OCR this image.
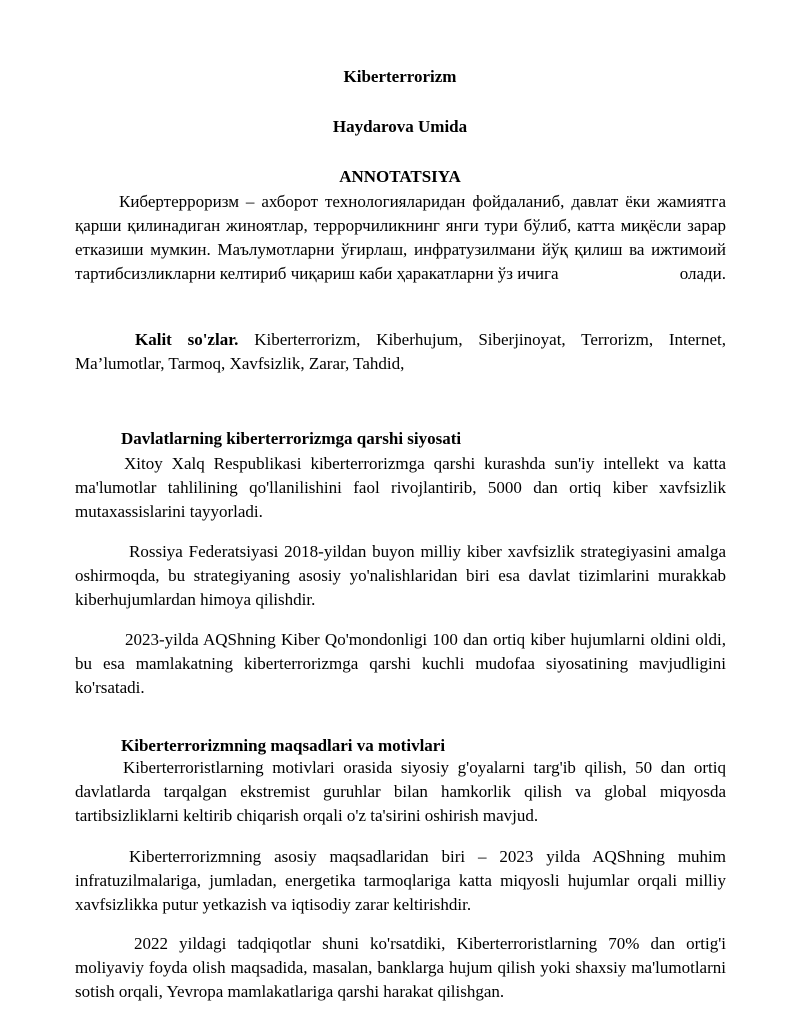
Kiberterrorizm
Haydarova Umida
ANNOTATSIYA

Кибертерроризм – ахборот технологияларидан фойдаланиб, давлат ёки жамиятга қарши қилинадиган жиноятлар, террорчиликнинг янги тури бўлиб, катта миқёсли зарар етказиши мумкин. Маълумотларни ўғирлаш, инфратузилмани йўқ қилиш ва ижтимоий тартибсизликларни келтириб чиқариш каби ҳаракатларни ўз ичига	олади.

Kalit so'zlar. Kiberterrorizm, Kiberhujum, Siberjinoyat, Terrorizm, Internet, Ma’lumotlar, Tarmoq, Xavfsizlik, Zarar, Tahdid,

Davlatlarning kiberterrorizmga qarshi siyosati

Xitoy Xalq Respublikasi kiberterrorizmga qarshi kurashda sun'iy intellekt va katta ma'lumotlar tahlilining qo'llanilishini faol rivojlantirib, 5000 dan ortiq kiber xavfsizlik mutaxassislarini tayyorladi.

Rossiya Federatsiyasi 2018-yildan buyon milliy kiber xavfsizlik strategiyasini amalga oshirmoqda, bu strategiyaning asosiy yo'nalishlaridan biri esa davlat tizimlarini murakkab kiberhujumlardan himoya qilishdir.

2023-yilda AQShning Kiber Qo'mondonligi 100 dan ortiq kiber hujumlarni oldini oldi, bu esa mamlakatning kiberterrorizmga qarshi kuchli mudofaa siyosatining mavjudligini ko'rsatadi.

Kiberterrorizmning maqsadlari va motivlari

Kiberterroristlarning motivlari orasida siyosiy g'oyalarni targ'ib qilish, 50 dan ortiq davlatlarda tarqalgan ekstremist guruhlar bilan hamkorlik qilish va global miqyosda tartibsizliklarni keltirib chiqarish orqali o'z ta'sirini oshirish mavjud.

Kiberterrorizmning asosiy maqsadlaridan biri – 2023 yilda AQShning muhim infratuzilmalariga, jumladan, energetika tarmoqlariga katta miqyosli hujumlar orqali milliy xavfsizlikka putur yetkazish va iqtisodiy zarar keltirishdir.

2022 yildagi tadqiqotlar shuni ko'rsatdiki, Kiberterroristlarning 70% dan ortig'i moliyaviy foyda olish maqsadida, masalan, banklarga hujum qilish yoki shaxsiy ma'lumotlarni sotish orqali, Yevropa mamlakatlariga qarshi harakat qilishgan.
